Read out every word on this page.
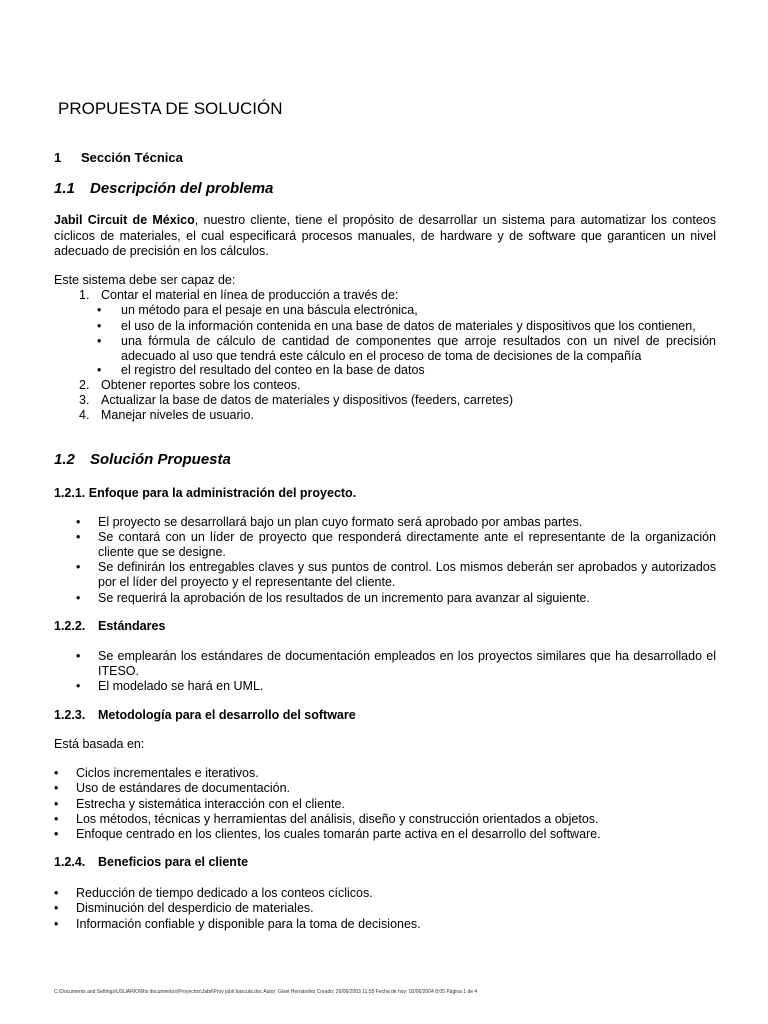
PROPUESTA DE SOLUCIÓN
1 Sección Técnica
1.1 Descripción del problema
Jabil Circuit de México, nuestro cliente, tiene el propósito de desarrollar un sistema para automatizar los conteos cíclicos de materiales, el cual especificará procesos manuales, de hardware y de software que garanticen un nivel adecuado de precisión en los cálculos.
Este sistema debe ser capaz de:
1. Contar el material en línea de producción a través de:
• un método para el pesaje en una báscula electrónica,
• el uso de la información contenida en una base de datos de materiales y dispositivos que los contienen,
• una fórmula de cálculo de cantidad de componentes que arroje resultados con un nivel de precisión adecuado al uso que tendrá este cálculo en el proceso de toma de decisiones de la compañía
• el registro del resultado del conteo en la base de datos
2. Obtener reportes sobre los conteos.
3. Actualizar la base de datos de materiales y dispositivos (feeders, carretes)
4. Manejar niveles de usuario.
1.2 Solución Propuesta
1.2.1. Enfoque para la administración del proyecto.
• El proyecto se desarrollará bajo un plan cuyo formato será aprobado por ambas partes.
• Se contará con un líder de proyecto que responderá directamente ante el representante de la organización cliente que se designe.
• Se definirán los entregables claves y sus puntos de control. Los mismos deberán ser aprobados y autorizados por el líder del proyecto y el representante del cliente.
• Se requerirá la aprobación de los resultados de un incremento para avanzar al siguiente.
1.2.2. Estándares
• Se emplearán los estándares de documentación empleados en los proyectos similares que ha desarrollado el ITESO.
• El modelado se hará en UML.
1.2.3. Metodología para el desarrollo del software
Está basada en:
• Ciclos incrementales e iterativos.
• Uso de estándares de documentación.
• Estrecha y sistemática interacción con el cliente.
• Los métodos, técnicas y herramientas del análisis, diseño y construcción orientados a objetos.
• Enfoque centrado en los clientes, los cuales tomarán parte activa en el desarrollo del software.
1.2.4. Beneficios para el cliente
• Reducción de tiempo dedicado a los conteos cíclicos.
• Disminución del desperdicio de materiales.
• Información confiable y disponible para la toma de decisiones.
C:\Documents and Settings\USUARIO\Mis documentos\Proyectos\Jabil\Proy jabil bascula.doc Autor: Gisel Hernández Creado: 26/06/2003 11:55 Fecha de hoy: 02/06/2004 8:05 Página 1 de 4
